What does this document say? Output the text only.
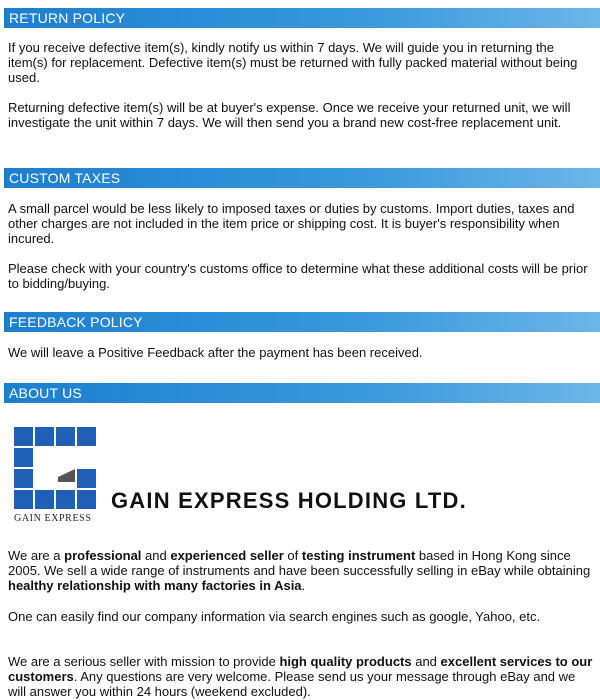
RETURN POLICY

If you receive defective item(s), kindly notify us within 7 days. We will guide you in returning the item(s) for replacement. Defective item(s) must be returned with fully packed material without being used.

Returning defective item(s) will be at buyer's expense. Once we receive your returned unit, we will investigate the unit within 7 days. We will then send you a brand new cost-free replacement unit.

CUSTOM TAXES

A small parcel would be less likely to imposed taxes or duties by customs. Import duties, taxes and other charges are not included in the item price or shipping cost. It is buyer's responsibility when incured.

Please check with your country's customs office to determine what these additional costs will be prior to bidding/buying.

FEEDBACK POLICY

We will leave a Positive Feedback after the payment has been received.

ABOUT US
GAIN EXPRESS
GAIN EXPRESS HOLDING LTD.

We are a professional and experienced seller of testing instrument based in Hong Kong since 2005. We sell a wide range of instruments and have been successfully selling in eBay while obtaining healthy relationship with many factories in Asia.

One can easily find our company information via search engines such as google, Yahoo, etc.

We are a serious seller with mission to provide high quality products and excellent services to our customers. Any questions are very welcome. Please send us your message through eBay and we will answer you within 24 hours (weekend excluded).
